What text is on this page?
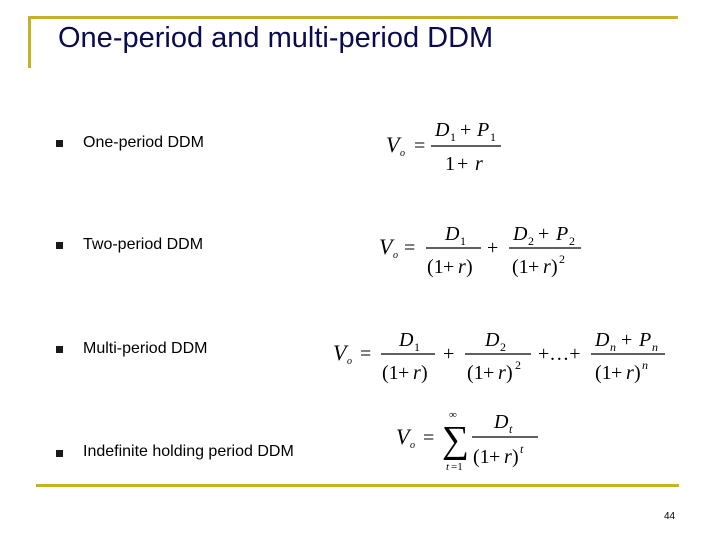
One-period and multi-period DDM
One-period DDM	V o =
D 1 + P 1
1 + r
Two-period DDM	V o =
D 1
(1 + r )
+
D 2 + P 2
(1 + r ) 2
Multi-period DDM	V o =
D 1
(1 + r )
+
D 2
(1 + r ) 2 +…+
D n + P n
(1 + r ) n
Indefinite holding period DDM
V o =
∞
∑
t =1
D t
(1 + r ) t
44
